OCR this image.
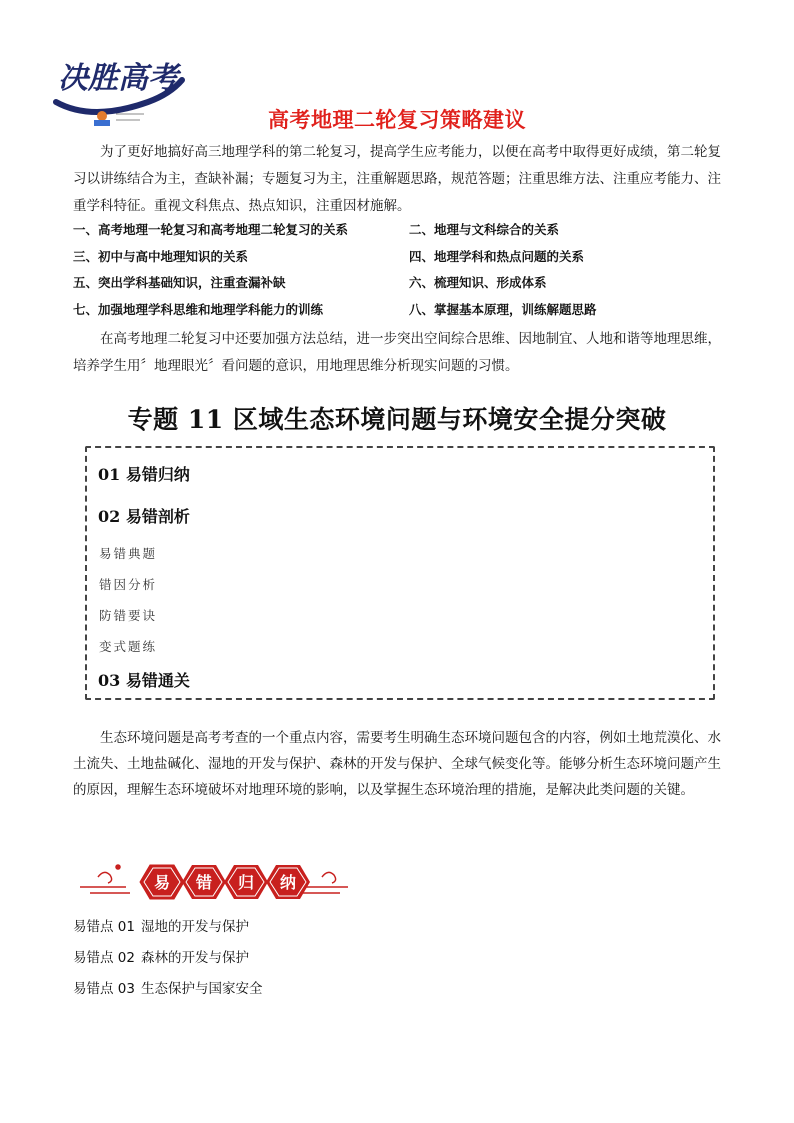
决胜高考
高考地理二轮复习策略建议

为了更好地搞好高三地理学科的第二轮复习，提高学生应考能力，以便在高考中取得更好成绩，第二轮复习以讲练结合为主，查缺补漏；专题复习为主，注重解题思路，规范答题；注重思维方法、注重应考能力、注重学科特征。重视文科焦点、热点知识，注重因材施解。

一、高考地理一轮复习和高考地理二轮复习的关系	二、地理与文科综合的关系
三、初中与高中地理知识的关系	四、地理学科和热点问题的关系
五、突出学科基础知识，注重查漏补缺	六、梳理知识、形成体系
七、加强地理学科思维和地理学科能力的训练	八、掌握基本原理，训练解题思路

在高考地理二轮复习中还要加强方法总结，进一步突出空间综合思维、因地制宜、人地和谐等地理思维，培养学生用〞地理眼光〞看问题的意识，用地理思维分析现实问题的习惯。

专题 11 区域生态环境问题与环境安全提分突破
01 易错归纳
02 易错剖析
易错典题
错因分析
防错要诀
变式题练
03 易错通关

生态环境问题是高考考查的一个重点内容，需要考生明确生态环境问题包含的内容，例如土地荒漠化、水土流失、土地盐碱化、湿地的开发与保护、森林的开发与保护、全球气候变化等。能够分析生态环境问题产生的原因，理解生态环境破坏对地理环境的影响，以及掌握生态环境治理的措施，是解决此类问题的关键。

易 错 归 纳
易错点 01 湿地的开发与保护
易错点 02 森林的开发与保护
易错点 03 生态保护与国家安全
